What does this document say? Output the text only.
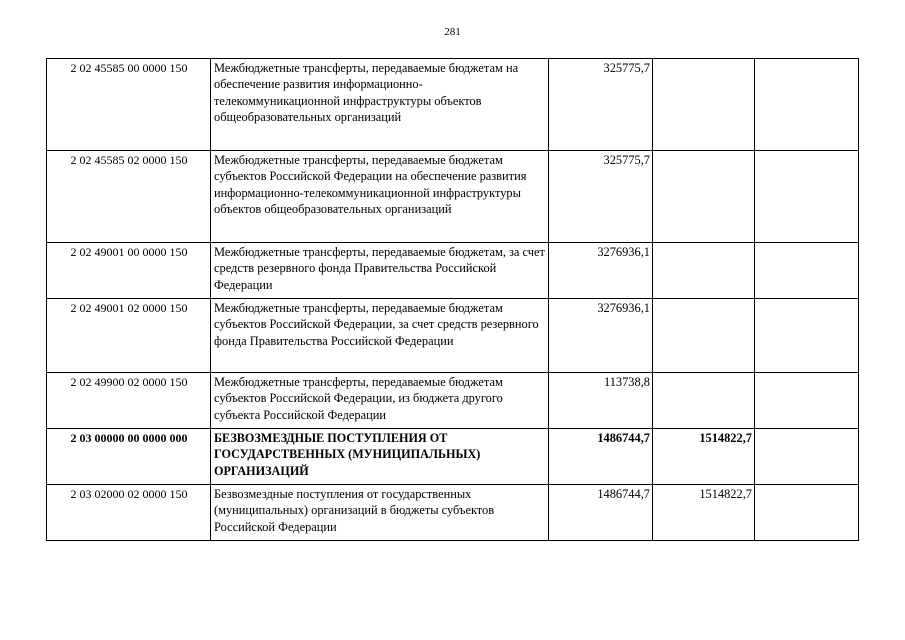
281
2 02 45585 00 0000 150	Межбюджетные трансферты, передаваемые бюджетам на обеспечение развития информационно-телекоммуникационной инфраструктуры объектов общеобразовательных организаций	325775,7		
2 02 45585 02 0000 150	Межбюджетные трансферты, передаваемые бюджетам субъектов Российской Федерации на обеспечение развития информационно-телекоммуникационной инфраструктуры объектов общеобразовательных организаций	325775,7		
2 02 49001 00 0000 150	Межбюджетные трансферты, передаваемые бюджетам, за счет средств резервного фонда Правительства Российской Федерации	3276936,1		
2 02 49001 02 0000 150	Межбюджетные трансферты, передаваемые бюджетам субъектов Российской Федерации, за счет средств резервного фонда Правительства Российской Федерации	3276936,1		
2 02 49900 02 0000 150	Межбюджетные трансферты, передаваемые бюджетам субъектов Российской Федерации, из бюджета другого субъекта Российской Федерации	113738,8		
2 03 00000 00 0000 000	БЕЗВОЗМЕЗДНЫЕ ПОСТУПЛЕНИЯ ОТ ГОСУДАРСТВЕННЫХ (МУНИЦИПАЛЬНЫХ) ОРГАНИЗАЦИЙ	1486744,7	1514822,7	
2 03 02000 02 0000 150	Безвозмездные поступления от государственных (муниципальных) организаций в бюджеты субъектов Российской Федерации	1486744,7	1514822,7	
